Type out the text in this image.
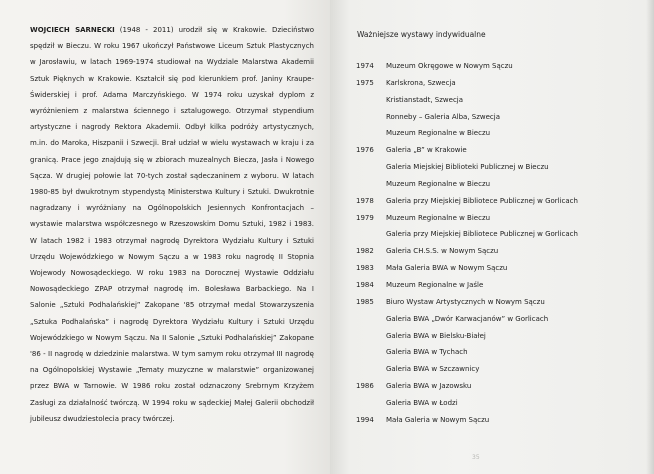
WOJCIECH SARNECKI (1948 - 2011) urodził się w Krakowie. Dzieciństwo spędził w Bieczu. W roku 1967 ukończył Państwowe Liceum Sztuk Plastycznych w Jarosławiu, w latach 1969-1974 studiował na Wydziale Malarstwa Akademii Sztuk Pięknych w Krakowie. Kształcił się pod kierunkiem prof. Janiny Kraupe-Świderskiej i prof. Adama Marczyńskiego. W 1974 roku uzyskał dyplom z wyróżnieniem z malarstwa ściennego i sztalugowego. Otrzymał stypendium artystyczne i nagrody Rektora Akademii. Odbył kilka podróży artystycznych, m.in. do Maroka, Hiszpanii i Szwecji. Brał udział w wielu wystawach w kraju i za granicą. Prace jego znajdują się w zbiorach muzealnych Biecza, Jasła i Nowego Sącza. W drugiej połowie lat 70-tych został sądeczaninem z wyboru. W latach 1980-85 był dwukrotnym stypendystą Ministerstwa Kultury i Sztuki. Dwukrotnie nagradzany i wyróżniany na Ogólnopolskich Jesiennych Konfrontacjach – wystawie malarstwa współczesnego w Rzeszowskim Domu Sztuki, 1982 i 1983. W latach 1982 i 1983 otrzymał nagrodę Dyrektora Wydziału Kultury i Sztuki Urzędu Wojewódzkiego w Nowym Sączu a w 1983 roku nagrodę II Stopnia Wojewody Nowosądeckiego. W roku 1983 na Dorocznej Wystawie Oddziału Nowosądeckiego ZPAP otrzymał nagrodę im. Bolesława Barbackiego. Na I Salonie „Sztuki Podhalańskiej” Zakopane '85 otrzymał medal Stowarzyszenia „Sztuka Podhalańska” i nagrodę Dyrektora Wydziału Kultury i Sztuki Urzędu Wojewódzkiego w Nowym Sączu. Na II Salonie „Sztuki Podhalańskiej” Zakopane '86 - II nagrodę w dziedzinie malarstwa. W tym samym roku otrzymał III nagrodę na Ogólnopolskiej Wystawie „Tematy muzyczne w malarstwie” organizowanej przez BWA w Tarnowie. W 1986 roku został odznaczony Srebrnym Krzyżem Zasługi za działalność twórczą. W 1994 roku w sądeckiej Małej Galerii obchodził jubileusz dwudziestolecia pracy twórczej.

Ważniejsze wystawy indywidualne
1974 Muzeum Okręgowe w Nowym Sączu
1975 Karlskrona, Szwecja
Kristianstadt, Szwecja
Ronneby – Galeria Alba, Szwecja
Muzeum Regionalne w Bieczu
1976 Galeria „B” w Krakowie
Galeria Miejskiej Biblioteki Publicznej w Bieczu
Muzeum Regionalne w Bieczu
1978 Galeria przy Miejskiej Bibliotece Publicznej w Gorlicach
1979 Muzeum Regionalne w Bieczu
Galeria przy Miejskiej Bibliotece Publicznej w Gorlicach
1982 Galeria CH.S.S. w Nowym Sączu
1983 Mała Galeria BWA w Nowym Sączu
1984 Muzeum Regionalne w Jaśle
1985 Biuro Wystaw Artystycznych w Nowym Sączu
Galeria BWA „Dwór Karwacjanów” w Gorlicach
Galeria BWA w Bielsku-Białej
Galeria BWA w Tychach
Galeria BWA w Szczawnicy
1986 Galeria BWA w Jazowsku
Galeria BWA w Łodzi
1994 Mała Galeria w Nowym Sączu
35
